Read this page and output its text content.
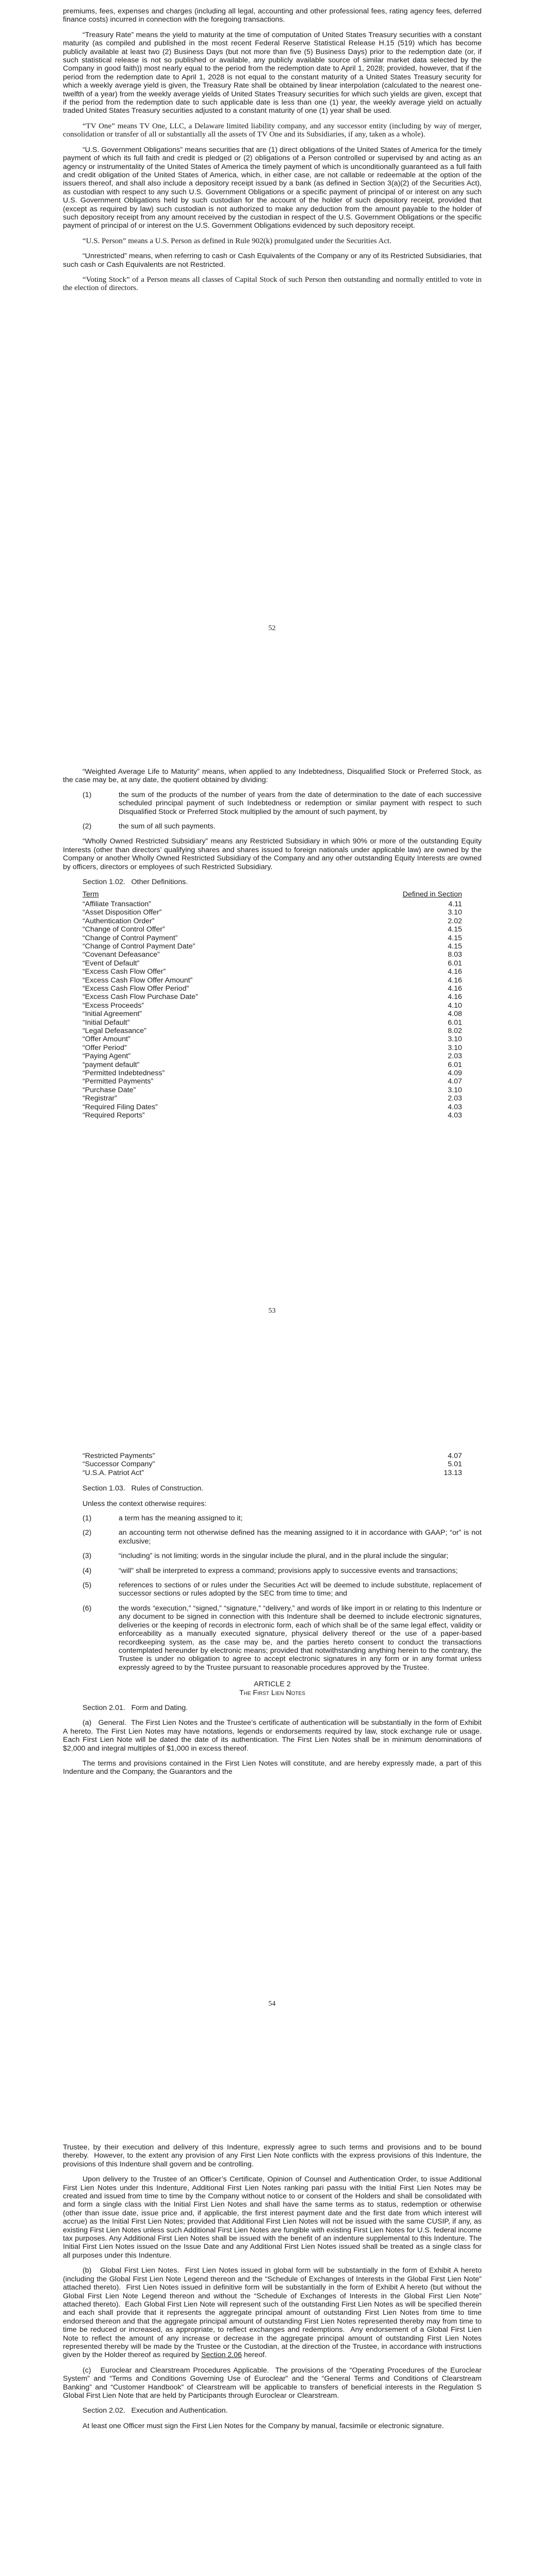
premiums, fees, expenses and charges (including all legal, accounting and other professional fees, rating agency fees, deferred finance costs) incurred in connection with the foregoing transactions.

“Treasury Rate” means the yield to maturity at the time of computation of United States Treasury securities with a constant maturity (as compiled and published in the most recent Federal Reserve Statistical Release H.15 (519) which has become publicly available at least two (2) Business Days (but not more than five (5) Business Days) prior to the redemption date (or, if such statistical release is not so published or available, any publicly available source of similar market data selected by the Company in good faith)) most nearly equal to the period from the redemption date to April 1, 2028; provided, however, that if the period from the redemption date to April 1, 2028 is not equal to the constant maturity of a United States Treasury security for which a weekly average yield is given, the Treasury Rate shall be obtained by linear interpolation (calculated to the nearest one-twelfth of a year) from the weekly average yields of United States Treasury securities for which such yields are given, except that if the period from the redemption date to such applicable date is less than one (1) year, the weekly average yield on actually traded United States Treasury securities adjusted to a constant maturity of one (1) year shall be used.

“TV One” means TV One, LLC, a Delaware limited liability company, and any successor entity (including by way of merger, consolidation or transfer of all or substantially all the assets of TV One and its Subsidiaries, if any, taken as a whole).

“U.S. Government Obligations” means securities that are (1) direct obligations of the United States of America for the timely payment of which its full faith and credit is pledged or (2) obligations of a Person controlled or supervised by and acting as an agency or instrumentality of the United States of America the timely payment of which is unconditionally guaranteed as a full faith and credit obligation of the United States of America, which, in either case, are not callable or redeemable at the option of the issuers thereof, and shall also include a depository receipt issued by a bank (as defined in Section 3(a)(2) of the Securities Act), as custodian with respect to any such U.S. Government Obligations or a specific payment of principal of or interest on any such U.S. Government Obligations held by such custodian for the account of the holder of such depository receipt, provided that (except as required by law) such custodian is not authorized to make any deduction from the amount payable to the holder of such depository receipt from any amount received by the custodian in respect of the U.S. Government Obligations or the specific payment of principal of or interest on the U.S. Government Obligations evidenced by such depository receipt.

“U.S. Person” means a U.S. Person as defined in Rule 902(k) promulgated under the Securities Act.

“Unrestricted” means, when referring to cash or Cash Equivalents of the Company or any of its Restricted Subsidiaries, that such cash or Cash Equivalents are not Restricted.

“Voting Stock” of a Person means all classes of Capital Stock of such Person then outstanding and normally entitled to vote in the election of directors.

52

“Weighted Average Life to Maturity” means, when applied to any Indebtedness, Disqualified Stock or Preferred Stock, as the case may be, at any date, the quotient obtained by dividing:

(1)	the sum of the products of the number of years from the date of determination to the date of each successive scheduled principal payment of such Indebtedness or redemption or similar payment with respect to such Disqualified Stock or Preferred Stock multiplied by the amount of such payment, by
(2)	the sum of all such payments.

“Wholly Owned Restricted Subsidiary” means any Restricted Subsidiary in which 90% or more of the outstanding Equity Interests (other than directors’ qualifying shares and shares issued to foreign nationals under applicable law) are owned by the Company or another Wholly Owned Restricted Subsidiary of the Company and any other outstanding Equity Interests are owned by officers, directors or employees of such Restricted Subsidiary.

Section 1.02.   Other Definitions.

Term	Defined in Section
“Affiliate Transaction”	4.11
“Asset Disposition Offer”	3.10
“Authentication Order”	2.02
“Change of Control Offer”	4.15
“Change of Control Payment”	4.15
“Change of Control Payment Date”	4.15
“Covenant Defeasance”	8.03
“Event of Default”	6.01
“Excess Cash Flow Offer”	4.16
“Excess Cash Flow Offer Amount”	4.16
“Excess Cash Flow Offer Period”	4.16
“Excess Cash Flow Purchase Date”	4.16
“Excess Proceeds”	4.10
“Initial Agreement”	4.08
“Initial Default”	6.01
“Legal Defeasance”	8.02
“Offer Amount”	3.10
“Offer Period”	3.10
“Paying Agent”	2.03
“payment default”	6.01
“Permitted Indebtedness”	4.09
“Permitted Payments”	4.07
“Purchase Date”	3.10
“Registrar”	2.03
“Required Filing Dates”	4.03
“Required Reports”	4.03
53
“Restricted Payments”	4.07
“Successor Company”	5.01
“U.S.A. Patriot Act”	13.13

Section 1.03.   Rules of Construction.

Unless the context otherwise requires:

(1)	a term has the meaning assigned to it;
(2)	an accounting term not otherwise defined has the meaning assigned to it in accordance with GAAP; “or” is not exclusive;
(3)	“including” is not limiting; words in the singular include the plural, and in the plural include the singular;
(4)	“will” shall be interpreted to express a command; provisions apply to successive events and transactions;
(5)	references to sections of or rules under the Securities Act will be deemed to include substitute, replacement of successor sections or rules adopted by the SEC from time to time; and
(6)	the words “execution,” “signed,” “signature,” “delivery,” and words of like import in or relating to this Indenture or any document to be signed in connection with this Indenture shall be deemed to include electronic signatures, deliveries or the keeping of records in electronic form, each of which shall be of the same legal effect, validity or enforceability as a manually executed signature, physical delivery thereof or the use of a paper-based recordkeeping system, as the case may be, and the parties hereto consent to conduct the transactions contemplated hereunder by electronic means; provided that notwithstanding anything herein to the contrary, the Trustee is under no obligation to agree to accept electronic signatures in any form or in any format unless expressly agreed to by the Trustee pursuant to reasonable procedures approved by the Trustee.

ARTICLE 2

The First Lien Notes

Section 2.01.   Form and Dating.

(a)   General.  The First Lien Notes and the Trustee’s certificate of authentication will be substantially in the form of Exhibit A hereto. The First Lien Notes may have notations, legends or endorsements required by law, stock exchange rule or usage. Each First Lien Note will be dated the date of its authentication. The First Lien Notes shall be in minimum denominations of $2,000 and integral multiples of $1,000 in excess thereof.

The terms and provisions contained in the First Lien Notes will constitute, and are hereby expressly made, a part of this Indenture and the Company, the Guarantors and the

54

Trustee, by their execution and delivery of this Indenture, expressly agree to such terms and provisions and to be bound thereby.  However, to the extent any provision of any First Lien Note conflicts with the express provisions of this Indenture, the provisions of this Indenture shall govern and be controlling.

Upon delivery to the Trustee of an Officer’s Certificate, Opinion of Counsel and Authentication Order, to issue Additional First Lien Notes under this Indenture, Additional First Lien Notes ranking pari passu with the Initial First Lien Notes may be created and issued from time to time by the Company without notice to or consent of the Holders and shall be consolidated with and form a single class with the Initial First Lien Notes and shall have the same terms as to status, redemption or otherwise (other than issue date, issue price and, if applicable, the first interest payment date and the first date from which interest will accrue) as the Initial First Lien Notes; provided that Additional First Lien Notes will not be issued with the same CUSIP, if any, as existing First Lien Notes unless such Additional First Lien Notes are fungible with existing First Lien Notes for U.S. federal income tax purposes. Any Additional First Lien Notes shall be issued with the benefit of an indenture supplemental to this Indenture. The Initial First Lien Notes issued on the Issue Date and any Additional First Lien Notes issued shall be treated as a single class for all purposes under this Indenture.

(b)   Global First Lien Notes.  First Lien Notes issued in global form will be substantially in the form of Exhibit A hereto (including the Global First Lien Note Legend thereon and the “Schedule of Exchanges of Interests in the Global First Lien Note” attached thereto).  First Lien Notes issued in definitive form will be substantially in the form of Exhibit A hereto (but without the Global First Lien Note Legend thereon and without the “Schedule of Exchanges of Interests in the Global First Lien Note” attached thereto).  Each Global First Lien Note will represent such of the outstanding First Lien Notes as will be specified therein and each shall provide that it represents the aggregate principal amount of outstanding First Lien Notes from time to time endorsed thereon and that the aggregate principal amount of outstanding First Lien Notes represented thereby may from time to time be reduced or increased, as appropriate, to reflect exchanges and redemptions.  Any endorsement of a Global First Lien Note to reflect the amount of any increase or decrease in the aggregate principal amount of outstanding First Lien Notes represented thereby will be made by the Trustee or the Custodian, at the direction of the Trustee, in accordance with instructions given by the Holder thereof as required by Section 2.06 hereof.

(c)   Euroclear and Clearstream Procedures Applicable.  The provisions of the “Operating Procedures of the Euroclear System” and “Terms and Conditions Governing Use of Euroclear” and the “General Terms and Conditions of Clearstream Banking” and “Customer Handbook” of Clearstream will be applicable to transfers of beneficial interests in the Regulation S Global First Lien Note that are held by Participants through Euroclear or Clearstream.

Section 2.02.   Execution and Authentication.

At least one Officer must sign the First Lien Notes for the Company by manual, facsimile or electronic signature.
